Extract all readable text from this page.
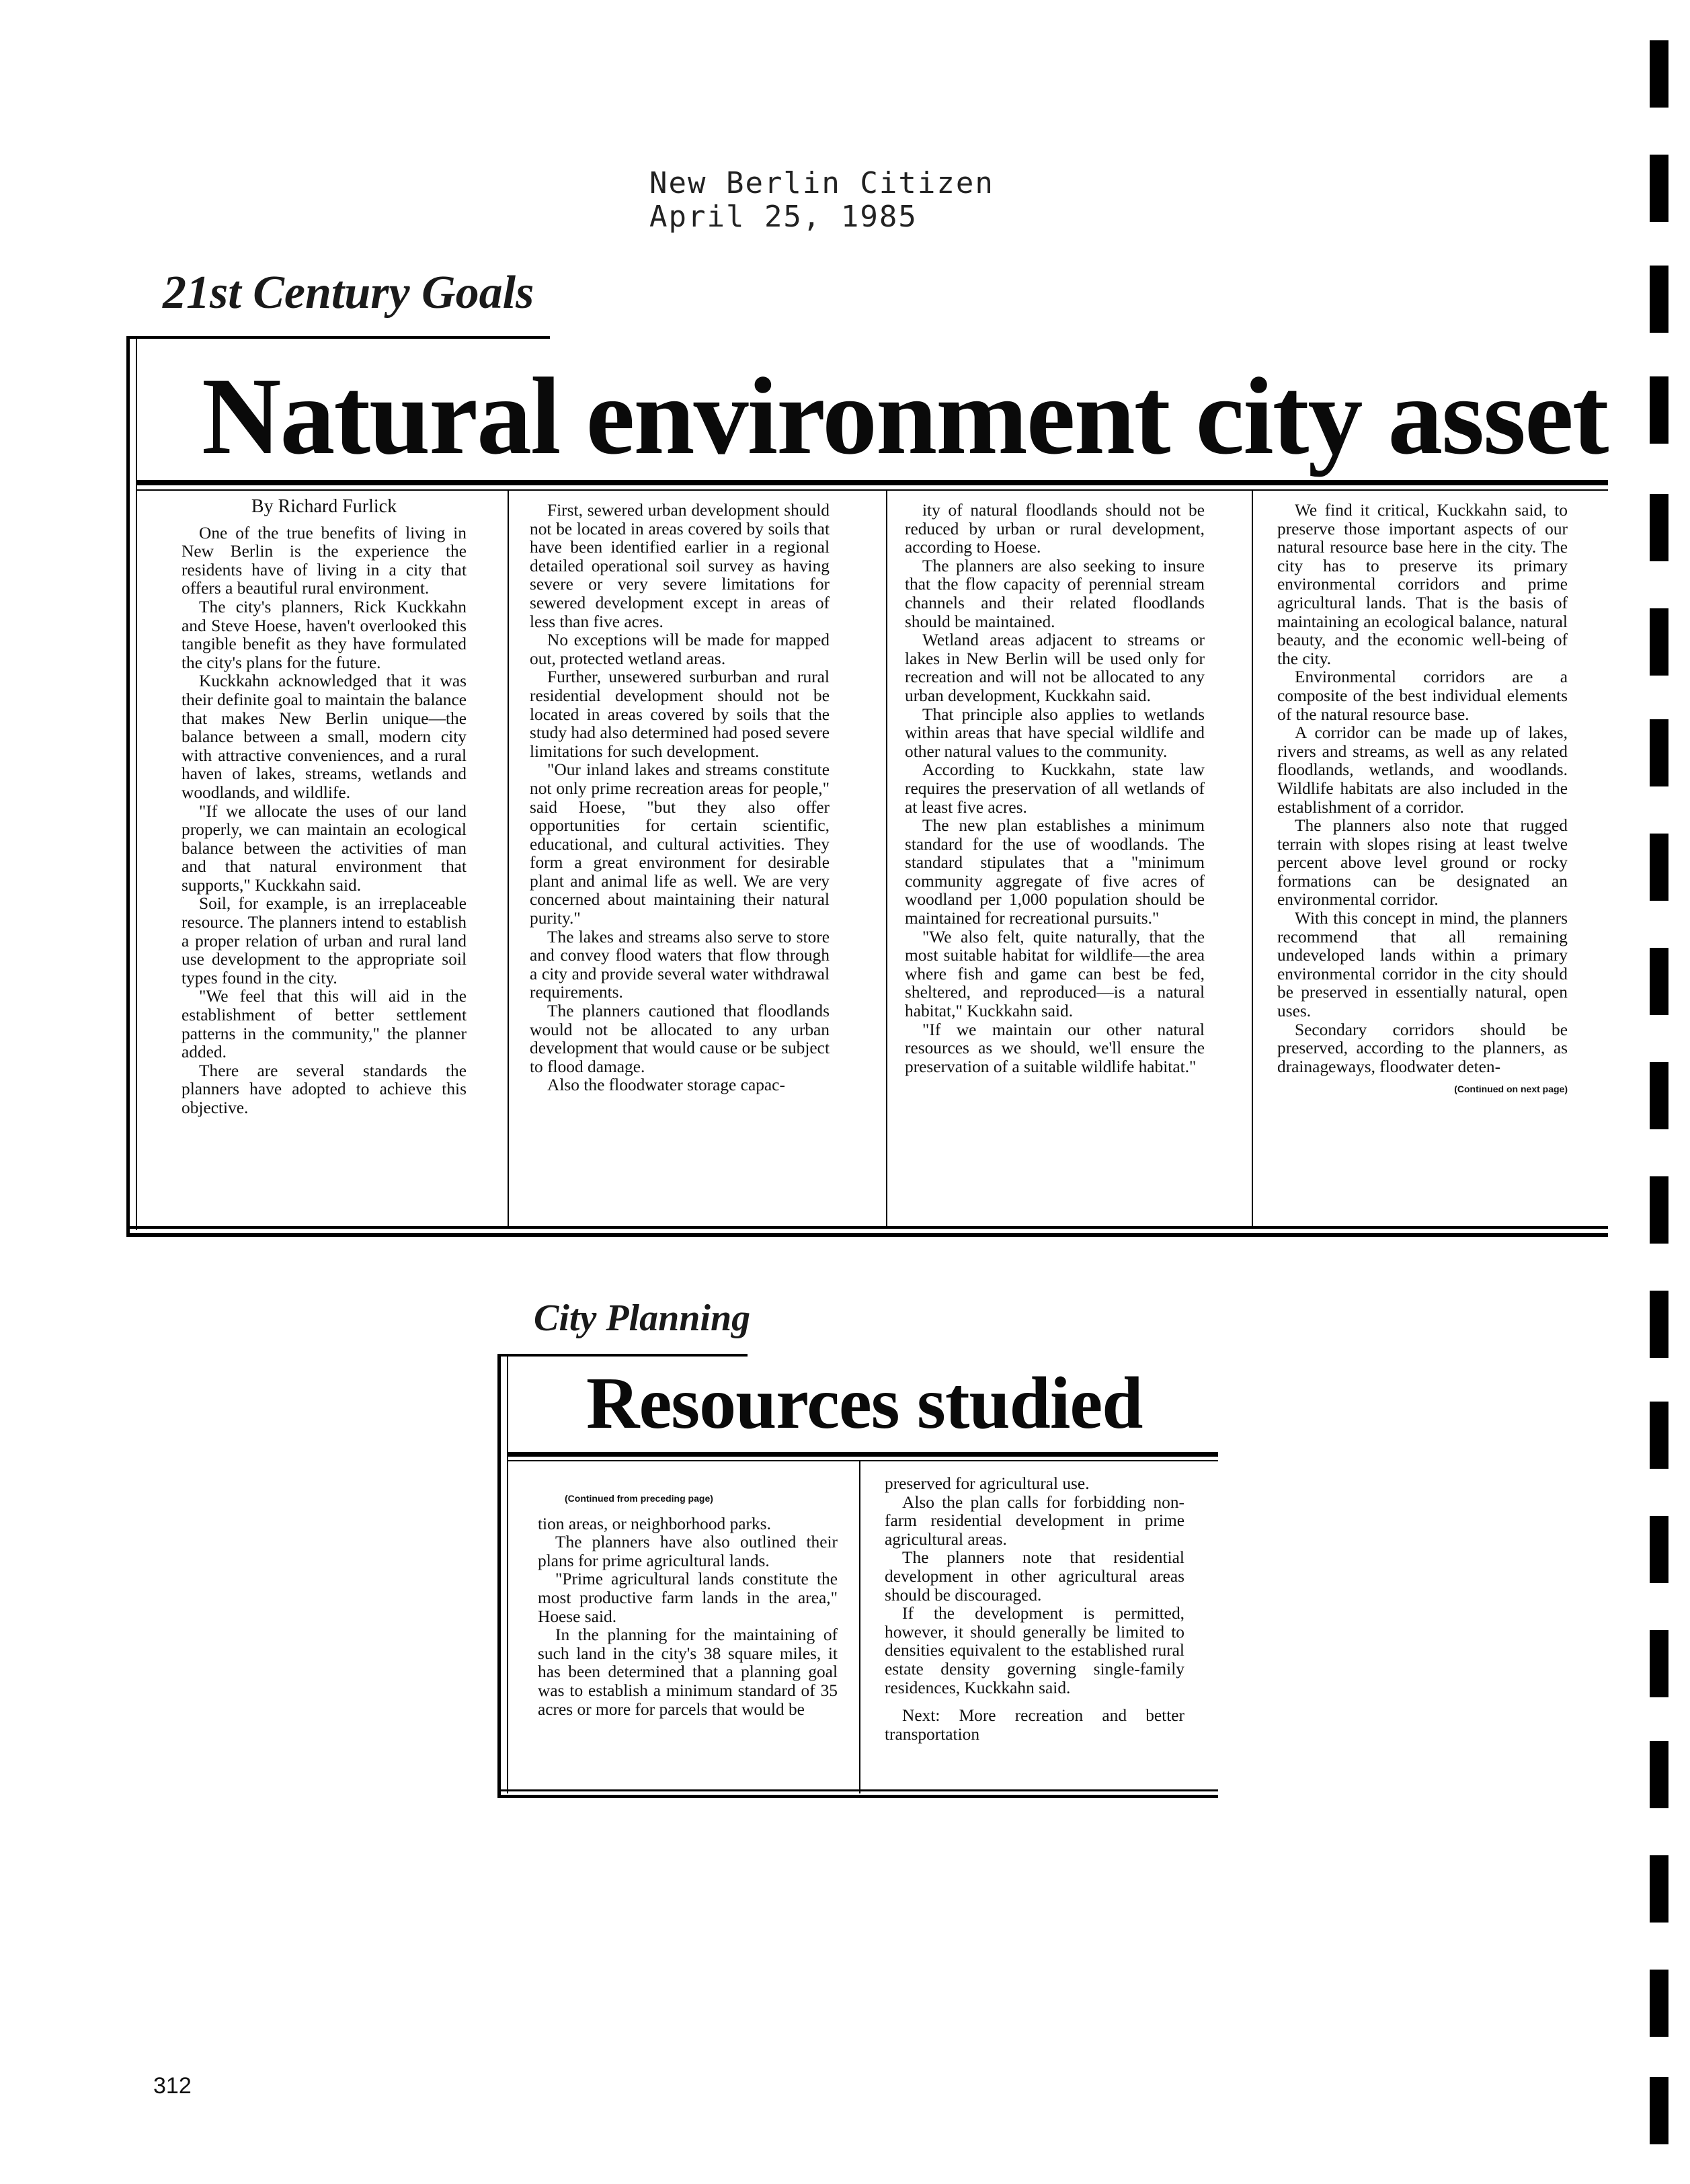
New Berlin Citizen
April 25, 1985
21st Century Goals
Natural environment city asset

By Richard Furlick

One of the true benefits of living in New Berlin is the experience the residents have of living in a city that offers a beautiful rural environment.

The city's planners, Rick Kuckkahn and Steve Hoese, haven't overlooked this tangible benefit as they have formulated the city's plans for the future.

Kuckkahn acknowledged that it was their definite goal to maintain the balance that makes New Berlin unique—the balance between a small, modern city with attractive conveniences, and a rural haven of lakes, streams, wetlands and woodlands, and wildlife.

"If we allocate the uses of our land properly, we can maintain an ecological balance between the activities of man and that natural environment that supports," Kuckkahn said.

Soil, for example, is an irreplaceable resource. The planners intend to establish a proper relation of urban and rural land use development to the appropriate soil types found in the city.

"We feel that this will aid in the establishment of better settlement patterns in the community," the planner added.

There are several standards the planners have adopted to achieve this objective.

First, sewered urban development should not be located in areas covered by soils that have been identified earlier in a regional detailed operational soil survey as having severe or very severe limitations for sewered development except in areas of less than five acres.

No exceptions will be made for mapped out, protected wetland areas.

Further, unsewered surburban and rural residential development should not be located in areas covered by soils that the study had also determined had posed severe limitations for such development.

"Our inland lakes and streams constitute not only prime recreation areas for people," said Hoese, "but they also offer opportunities for certain scientific, educational, and cultural activities. They form a great environment for desirable plant and animal life as well. We are very concerned about maintaining their natural purity."

The lakes and streams also serve to store and convey flood waters that flow through a city and provide several water withdrawal requirements.

The planners cautioned that floodlands would not be allocated to any urban development that would cause or be subject to flood damage.

Also the floodwater storage capac-

ity of natural floodlands should not be reduced by urban or rural development, according to Hoese.

The planners are also seeking to insure that the flow capacity of perennial stream channels and their related floodlands should be maintained.

Wetland areas adjacent to streams or lakes in New Berlin will be used only for recreation and will not be allocated to any urban development, Kuckkahn said.

That principle also applies to wetlands within areas that have special wildlife and other natural values to the community.

According to Kuckkahn, state law requires the preservation of all wetlands of at least five acres.

The new plan establishes a minimum standard for the use of woodlands. The standard stipulates that a "minimum community aggregate of five acres of woodland per 1,000 population should be maintained for recreational pursuits."

"We also felt, quite naturally, that the most suitable habitat for wildlife—the area where fish and game can best be fed, sheltered, and reproduced—is a natural habitat," Kuckkahn said.

"If we maintain our other natural resources as we should, we'll ensure the preservation of a suitable wildlife habitat."

We find it critical, Kuckkahn said, to preserve those important aspects of our natural resource base here in the city. The city has to preserve its primary environmental corridors and prime agricultural lands. That is the basis of maintaining an ecological balance, natural beauty, and the economic well-being of the city.

Environmental corridors are a composite of the best individual elements of the natural resource base.

A corridor can be made up of lakes, rivers and streams, as well as any related floodlands, wetlands, and woodlands. Wildlife habitats are also included in the establishment of a corridor.

The planners also note that rugged terrain with slopes rising at least twelve percent above level ground or rocky formations can be designated an environmental corridor.

With this concept in mind, the planners recommend that all remaining undeveloped lands within a primary environmental corridor in the city should be preserved in essentially natural, open uses.

Secondary corridors should be preserved, according to the planners, as drainageways, floodwater deten-

(Continued on next page)

City Planning
Resources studied

(Continued from preceding page)

tion areas, or neighborhood parks.

The planners have also outlined their plans for prime agricultural lands.

"Prime agricultural lands constitute the most productive farm lands in the area," Hoese said.

In the planning for the maintaining of such land in the city's 38 square miles, it has been determined that a planning goal was to establish a minimum standard of 35 acres or more for parcels that would be

preserved for agricultural use.

Also the plan calls for forbidding non-farm residential development in prime agricultural areas.

The planners note that residential development in other agricultural areas should be discouraged.

If the development is permitted, however, it should generally be limited to densities equivalent to the established rural estate density governing single-family residences, Kuckkahn said.

Next: More recreation and better transportation

312
